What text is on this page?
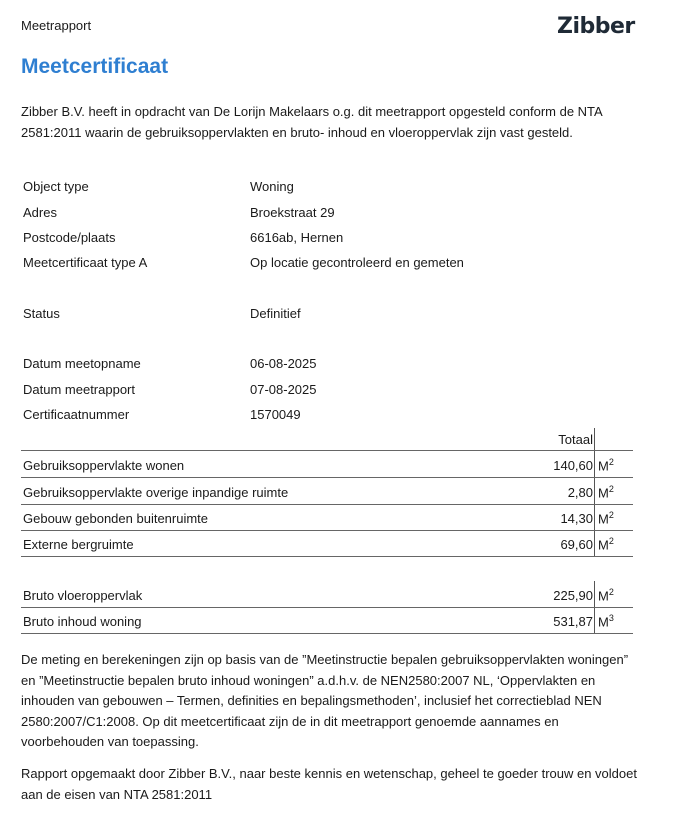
Meetrapport	Zibber
Meetcertificaat
Zibber B.V. heeft in opdracht van De Lorijn Makelaars o.g. dit meetrapport opgesteld conform de NTA 2581:2011 waarin de gebruiksoppervlakten en bruto- inhoud en vloeroppervlak zijn vast gesteld.
Object type	Woning
Adres	Broekstraat 29
Postcode/plaats	6616ab, Hernen
Meetcertificaat type A	Op locatie gecontroleerd en gemeten
Status	Definitief
Datum meetopname	06-08-2025
Datum meetrapport	07-08-2025
Certificaatnummer	1570049
Totaal
Gebruiksoppervlakte wonen	140,60 $M^2$
Gebruiksoppervlakte overige inpandige ruimte	2,80 $M^2$
Gebouw gebonden buitenruimte	14,30 $M^2$
Externe bergruimte	69,60 $M^2$
Bruto vloeroppervlak	225,90 $M^2$
Bruto inhoud woning	531,87 $M^3$
De meting en berekeningen zijn op basis van de ”Meetinstructie bepalen gebruiksoppervlakten woningen” en ”Meetinstructie bepalen bruto inhoud woningen” a.d.h.v. de NEN2580:2007 NL, ‘Oppervlakten en inhouden van gebouwen – Termen, definities en bepalingsmethoden’, inclusief het correctieblad NEN 2580:2007/C1:2008. Op dit meetcertificaat zijn de in dit meetrapport genoemde aannames en voorbehouden van toepassing.
Rapport opgemaakt door Zibber B.V., naar beste kennis en wetenschap, geheel te goeder trouw en voldoet aan de eisen van NTA 2581:2011
